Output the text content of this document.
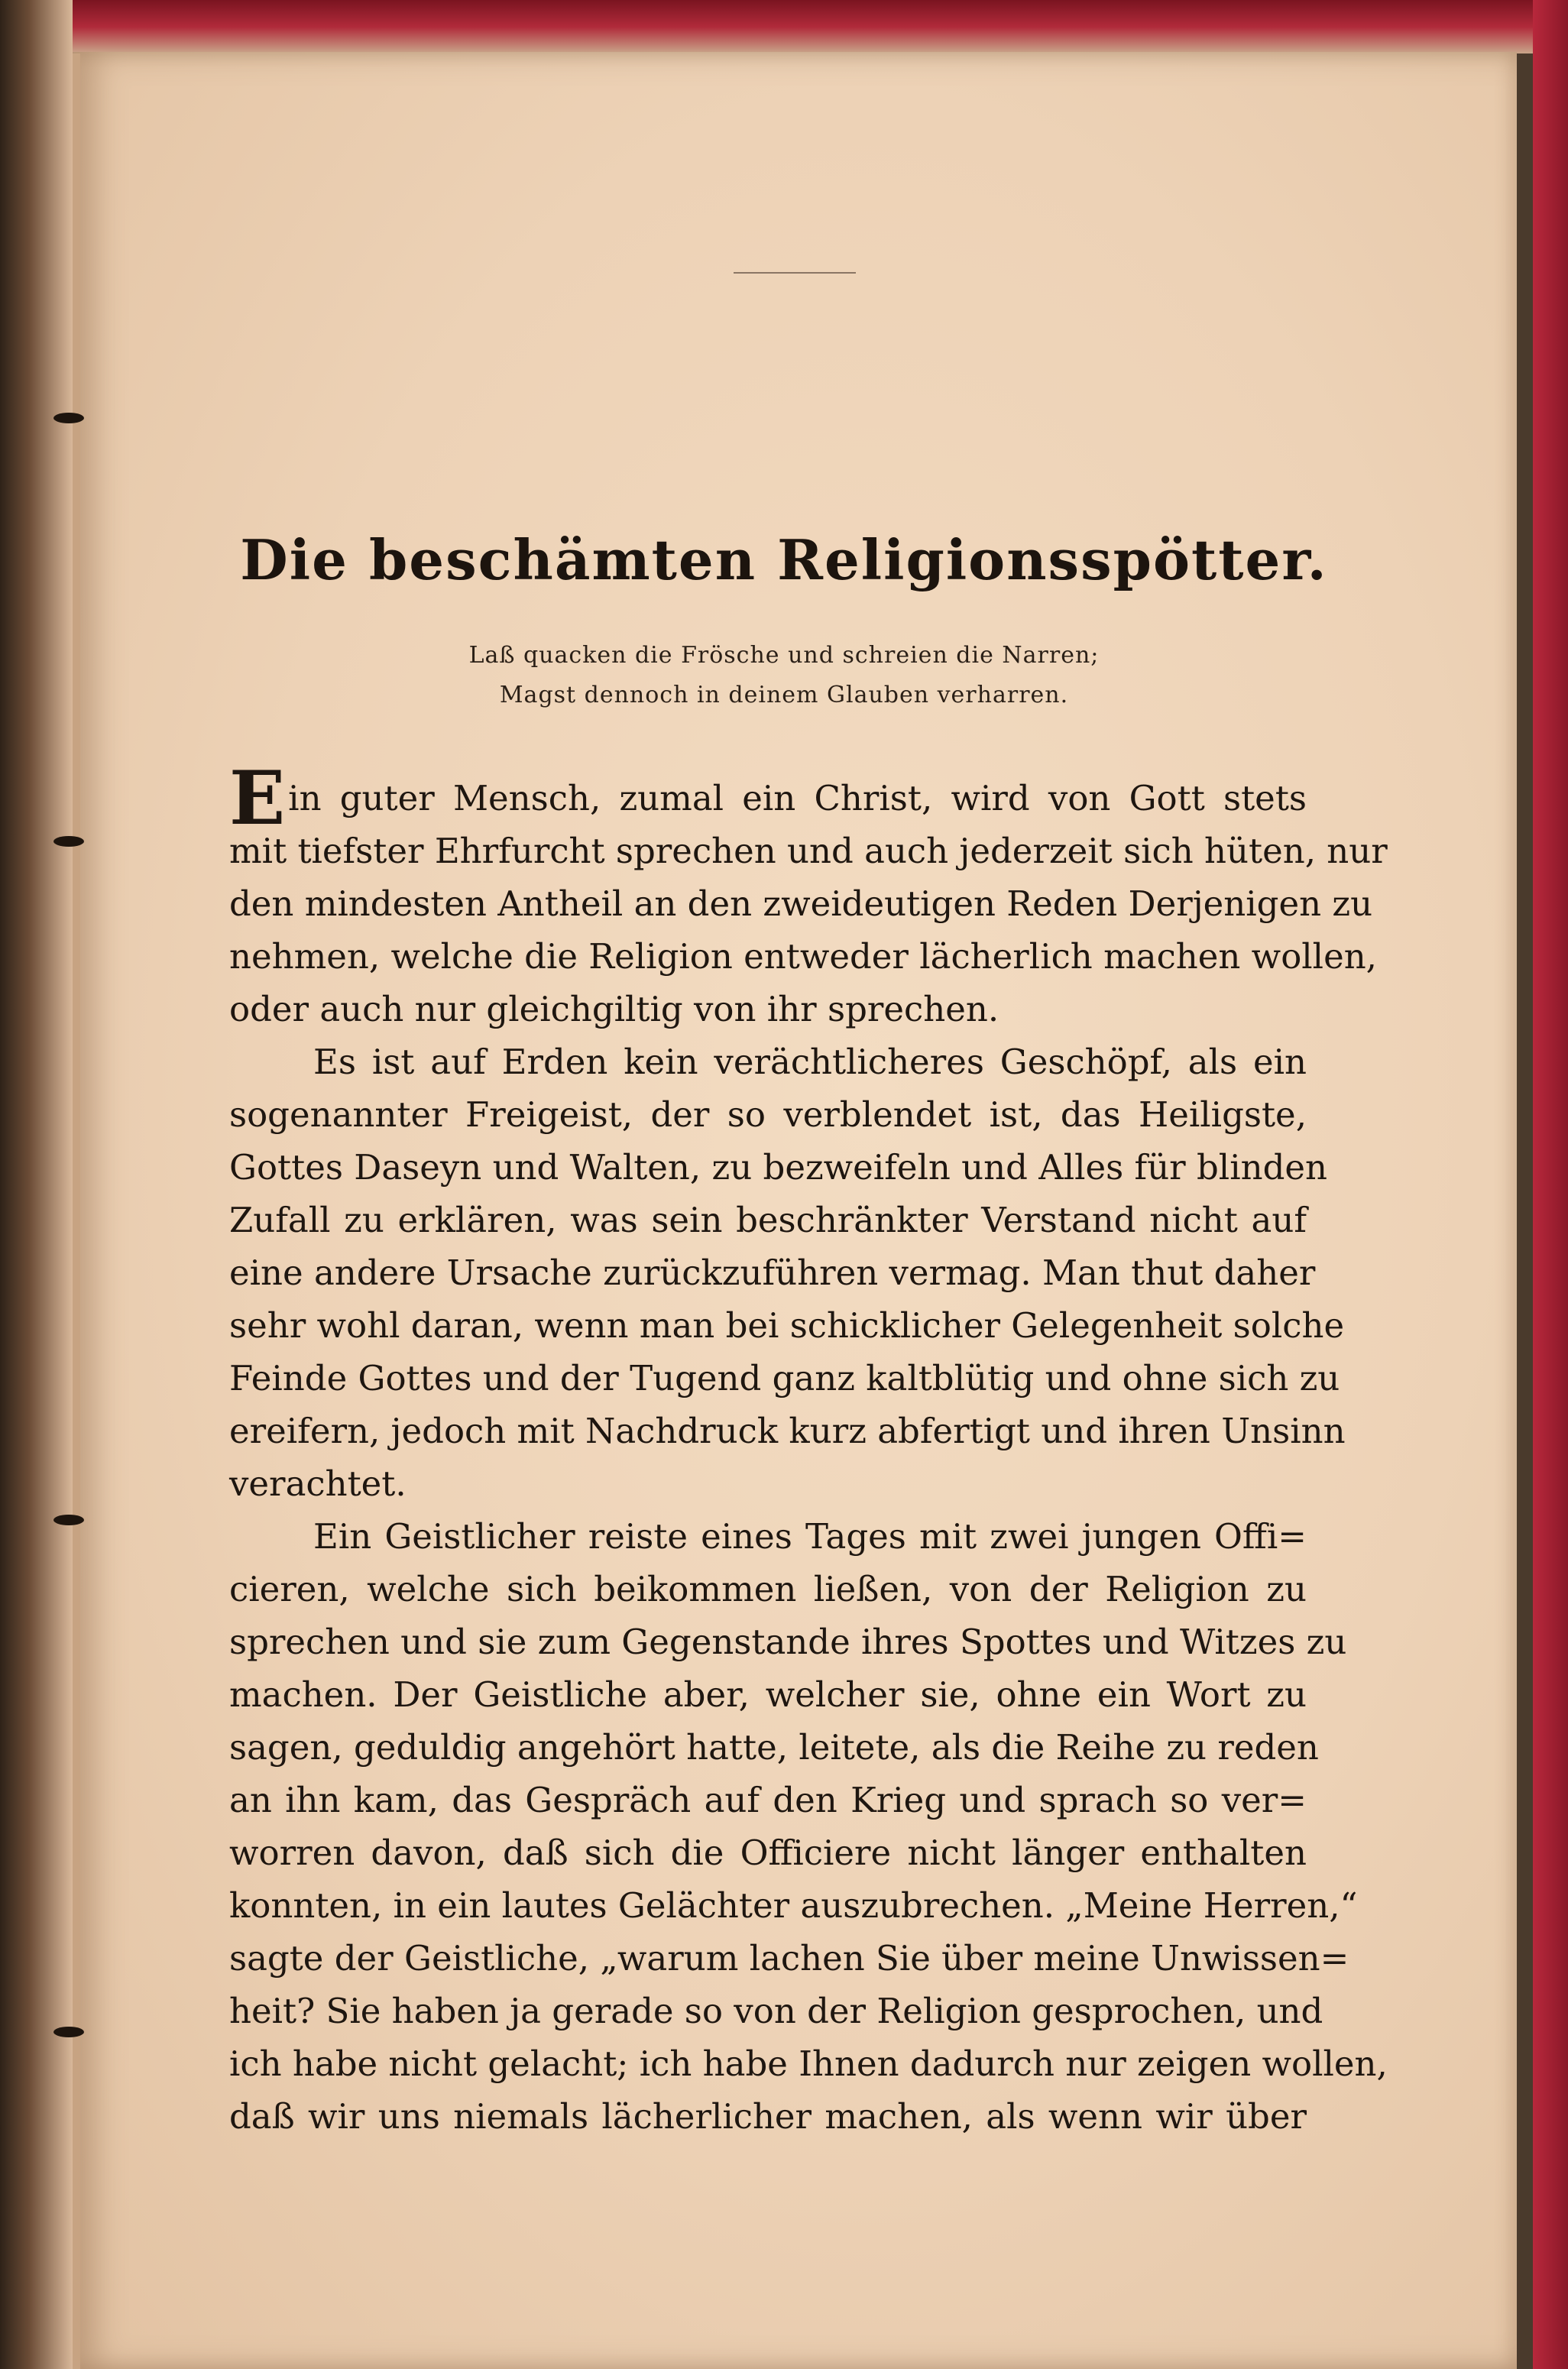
Die beschämten Religionsspötter.
Laß quacken die Frösche und schreien die Narren;
Magst dennoch in deinem Glauben verharren.
Ein guter Mensch, zumal ein Christ, wird von Gott stets
mit tiefster Ehrfurcht sprechen und auch jederzeit sich hüten, nur
den mindesten Antheil an den zweideutigen Reden Derjenigen zu
nehmen, welche die Religion entweder lächerlich machen wollen,
oder auch nur gleichgiltig von ihr sprechen.
Es ist auf Erden kein verächtlicheres Geschöpf, als ein
sogenannter Freigeist, der so verblendet ist, das Heiligste,
Gottes Daseyn und Walten, zu bezweifeln und Alles für blinden
Zufall zu erklären, was sein beschränkter Verstand nicht auf
eine andere Ursache zurückzuführen vermag. Man thut daher
sehr wohl daran, wenn man bei schicklicher Gelegenheit solche
Feinde Gottes und der Tugend ganz kaltblütig und ohne sich zu
ereifern, jedoch mit Nachdruck kurz abfertigt und ihren Unsinn
verachtet.
Ein Geistlicher reiste eines Tages mit zwei jungen Offi=
cieren, welche sich beikommen ließen, von der Religion zu
sprechen und sie zum Gegenstande ihres Spottes und Witzes zu
machen. Der Geistliche aber, welcher sie, ohne ein Wort zu
sagen, geduldig angehört hatte, leitete, als die Reihe zu reden
an ihn kam, das Gespräch auf den Krieg und sprach so ver=
worren davon, daß sich die Officiere nicht länger enthalten
konnten, in ein lautes Gelächter auszubrechen. „Meine Herren,“
sagte der Geistliche, „warum lachen Sie über meine Unwissen=
heit? Sie haben ja gerade so von der Religion gesprochen, und
ich habe nicht gelacht; ich habe Ihnen dadurch nur zeigen wollen,
daß wir uns niemals lächerlicher machen, als wenn wir über
